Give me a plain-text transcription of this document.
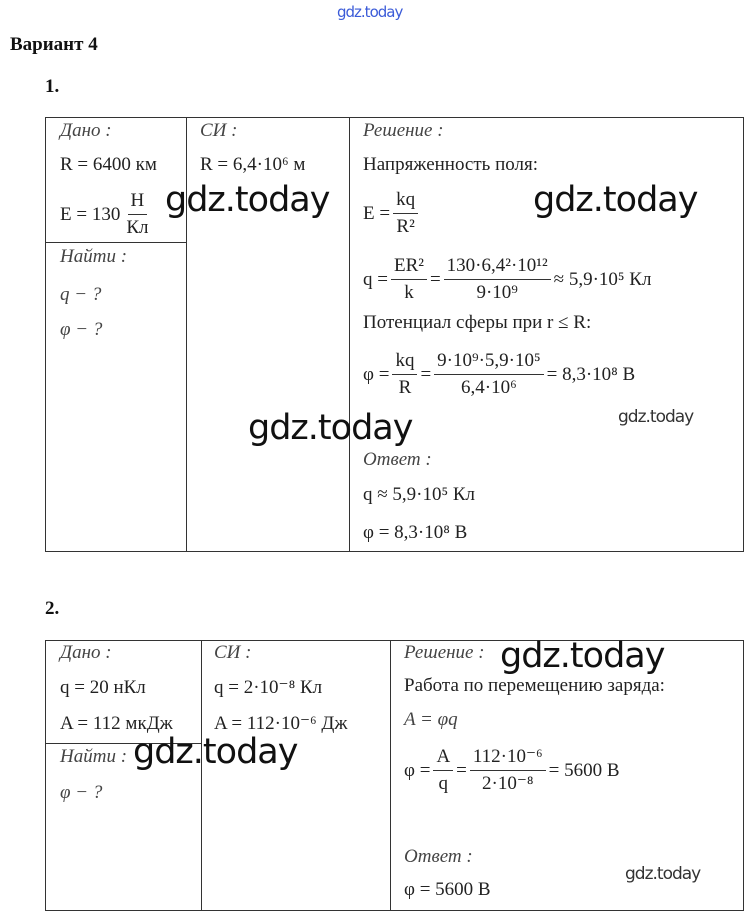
gdz.today
Вариант 4
1.
Дано :
R = 6400 км
$E = 130 \frac{Н}{Кл}$
Найти :
q − ?
φ − ?
СИ :
R = 6,4·10⁶ м
Решение :
Напряженность поля:
$E = \frac{kq}{\text{R²}}$
$q = \frac{\text{ER²}}{k} = \frac{\text{130·6,4²·10¹²}}{\text{9·10⁹}} \approx 5,9\cdot 10^5$ Кл
Потенциал сферы при r ≤ R:
$\varphi = \frac{kq}{R} = \frac{\text{9·10⁹·5,9·10⁵}}{\text{6,4·10⁶}} = 8,3\cdot 10^8$ В
Ответ :
q ≈ 5,9·10⁵ Кл
φ = 8,3·10⁸ В
2.
Дано :
q = 20 нКл
A = 112 мкДж
Найти :
φ − ?
СИ :
q = 2·10⁻⁸ Кл
A = 112·10⁻⁶ Дж
Решение :
Работа по перемещению заряда:
A = φq
$\varphi = \frac{A}{q} = \frac{\text{112·10⁻⁶}}{\text{2·10⁻⁸}} = 5600$ В
Ответ :
φ = 5600 В
gdz.today	gdz.today
gdz.today	gdz.today
gdz.today
gdz.today
gdz.today
